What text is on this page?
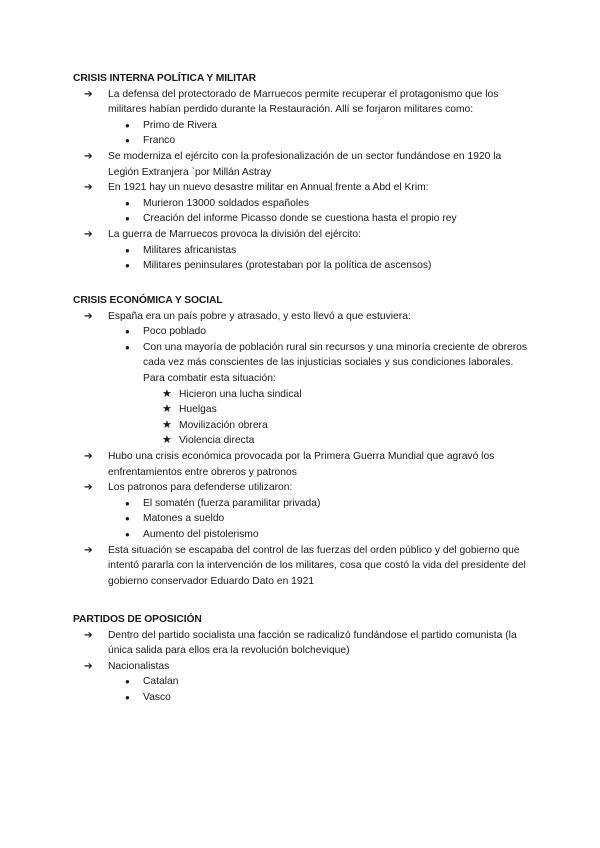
CRISIS INTERNA POLÍTICA Y MILITAR
➔ La defensa del protectorado de Marruecos permite recuperar el protagonismo que los militares habían perdido durante la Restauración. Allí se forjaron militares como:
● Primo de Rivera
● Franco
➔ Se moderniza el ejército con la profesionalización de un sector fundándose en 1920 la Legión Extranjera `por Millán Astray
➔ En 1921 hay un nuevo desastre militar en Annual frente a Abd el Krim:
● Murieron 13000 soldados españoles
● Creación del informe Picasso donde se cuestiona hasta el propio rey
➔ La guerra de Marruecos provoca la división del ejército:
● Militares africanistas
● Militares peninsulares (protestaban por la política de ascensos)
CRISIS ECONÓMICA Y SOCIAL
➔ España era un país pobre y atrasado, y esto llevó a que estuviera:
● Poco poblado
● Con una mayoría de población rural sin recursos y una minoría creciente de obreros cada vez más conscientes de las injusticias sociales y sus condiciones laborales. Para combatir esta situación:
★ Hicieron una lucha sindical
★ Huelgas
★ Movilización obrera
★ Violencia directa
➔ Hubo una crisis económica provocada por la Primera Guerra Mundial que agravó los enfrentamientos entre obreros y patronos
➔ Los patronos para defenderse utilizaron:
● El somatén (fuerza paramilitar privada)
● Matones a sueldo
● Aumento del pistolerismo
➔ Esta situación se escapaba del control de las fuerzas del orden público y del gobierno que intentó pararla con la intervención de los militares, cosa que costó la vida del presidente del gobierno conservador Eduardo Dato en 1921
PARTIDOS DE OPOSICIÓN
➔ Dentro del partido socialista una facción se radicalizó fundándose el partido comunista (la única salida para ellos era la revolución bolchevique)
➔ Nacionalistas
● Catalan
● Vasco
